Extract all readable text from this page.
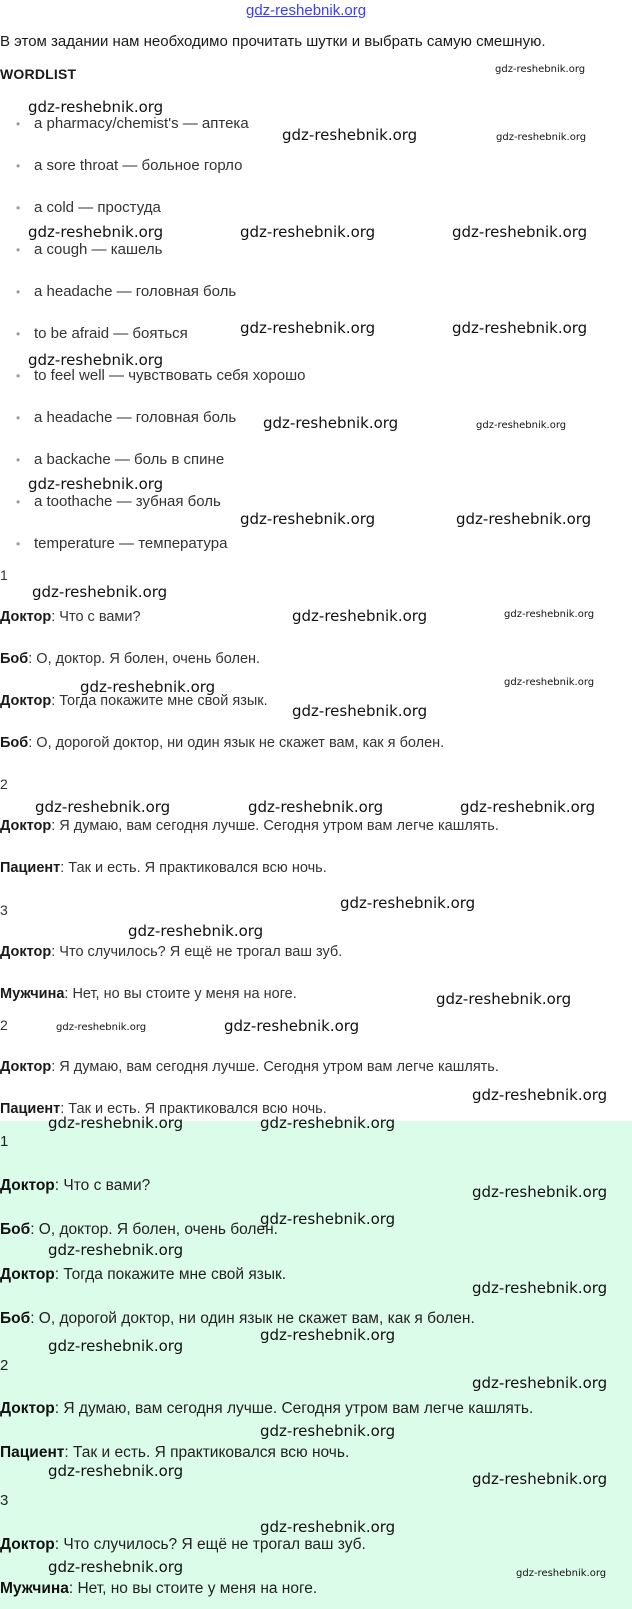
gdz-reshebnik.org
В этом задании нам необходимо прочитать шутки и выбрать самую смешную.
WORDLIST
• a pharmacy/chemist's — аптека
• a sore throat — больное горло
• a cold — простуда
• a cough — кашель
• a headache — головная боль
• to be afraid — бояться
• to feel well — чувствовать себя хорошо
• a headache — головная боль
• a backache — боль в спине
• a toothache — зубная боль
• temperature — температура
1
Доктор: Что с вами?
Боб: О, доктор. Я болен, очень болен.
Доктор: Тогда покажите мне свой язык.
Боб: О, дорогой доктор, ни один язык не скажет вам, как я болен.
2
Доктор: Я думаю, вам сегодня лучше. Сегодня утром вам легче кашлять.
Пациент: Так и есть. Я практиковался всю ночь.
3
Доктор: Что случилось? Я ещё не трогал ваш зуб.
Мужчина: Нет, но вы стоите у меня на ноге.
2
Доктор: Я думаю, вам сегодня лучше. Сегодня утром вам легче кашлять.
Пациент: Так и есть. Я практиковался всю ночь.
1
Доктор: Что с вами?
Боб: О, доктор. Я болен, очень болен.
Доктор: Тогда покажите мне свой язык.
Боб: О, дорогой доктор, ни один язык не скажет вам, как я болен.
2
Доктор: Я думаю, вам сегодня лучше. Сегодня утром вам легче кашлять.
Пациент: Так и есть. Я практиковался всю ночь.
3
Доктор: Что случилось? Я ещё не трогал ваш зуб.
Мужчина: Нет, но вы стоите у меня на ноге.
gdz-reshebnik.org
gdz-reshebnik.org
gdz-reshebnik.org	gdz-reshebnik.org
gdz-reshebnik.org	gdz-reshebnik.org	gdz-reshebnik.org
gdz-reshebnik.org	gdz-reshebnik.org
gdz-reshebnik.org
gdz-reshebnik.org	gdz-reshebnik.org
gdz-reshebnik.org
gdz-reshebnik.org	gdz-reshebnik.org
gdz-reshebnik.org
gdz-reshebnik.org	gdz-reshebnik.org
gdz-reshebnik.org
gdz-reshebnik.org
gdz-reshebnik.org
gdz-reshebnik.org	gdz-reshebnik.org	gdz-reshebnik.org
gdz-reshebnik.org
gdz-reshebnik.org
gdz-reshebnik.org
gdz-reshebnik.org	gdz-reshebnik.org
gdz-reshebnik.org
gdz-reshebnik.org	gdz-reshebnik.org
gdz-reshebnik.org
gdz-reshebnik.org
gdz-reshebnik.org
gdz-reshebnik.org
gdz-reshebnik.org
gdz-reshebnik.org
gdz-reshebnik.org
gdz-reshebnik.org
gdz-reshebnik.org	gdz-reshebnik.org
gdz-reshebnik.org
gdz-reshebnik.org	gdz-reshebnik.org
